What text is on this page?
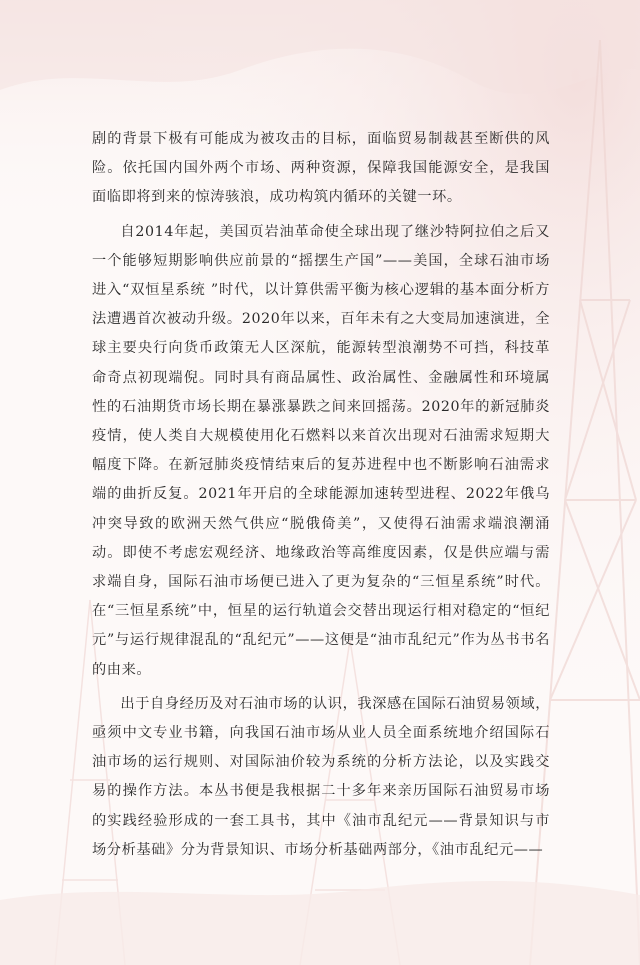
剧的背景下极有可能成为被攻击的目标，面临贸易制裁甚至断供的风险。依托国内国外两个市场、两种资源，保障我国能源安全，是我国面临即将到来的惊涛骇浪，成功构筑内循环的关键一环。

自2014年起，美国页岩油革命使全球出现了继沙特阿拉伯之后又一个能够短期影响供应前景的“摇摆生产国”——美国，全球石油市场进入“双恒星系统 ”时代，以计算供需平衡为核心逻辑的基本面分析方法遭遇首次被动升级。2020年以来，百年未有之大变局加速演进，全球主要央行向货币政策无人区深航，能源转型浪潮势不可挡，科技革命奇点初现端倪。同时具有商品属性、政治属性、金融属性和环境属性的石油期货市场长期在暴涨暴跌之间来回摇荡。2020年的新冠肺炎疫情，使人类自大规模使用化石燃料以来首次出现对石油需求短期大幅度下降。在新冠肺炎疫情结束后的复苏进程中也不断影响石油需求端的曲折反复。2021年开启的全球能源加速转型进程、2022年俄乌冲突导致的欧洲天然气供应“脱俄倚美”，又使得石油需求端浪潮涌动。即使不考虑宏观经济、地缘政治等高维度因素，仅是供应端与需求端自身，国际石油市场便已进入了更为复杂的“三恒星系统”时代。在“三恒星系统”中，恒星的运行轨道会交替出现运行相对稳定的“恒纪元”与运行规律混乱的“乱纪元”——这便是“油市乱纪元”作为丛书书名的由来。

出于自身经历及对石油市场的认识，我深感在国际石油贸易领域，亟须中文专业书籍，向我国石油市场从业人员全面系统地介绍国际石油市场的运行规则、对国际油价较为系统的分析方法论，以及实践交易的操作方法。本丛书便是我根据二十多年来亲历国际石油贸易市场的实践经验形成的一套工具书，其中《油市乱纪元——背景知识与市场分析基础》分为背景知识、市场分析基础两部分，《油市乱纪元——
